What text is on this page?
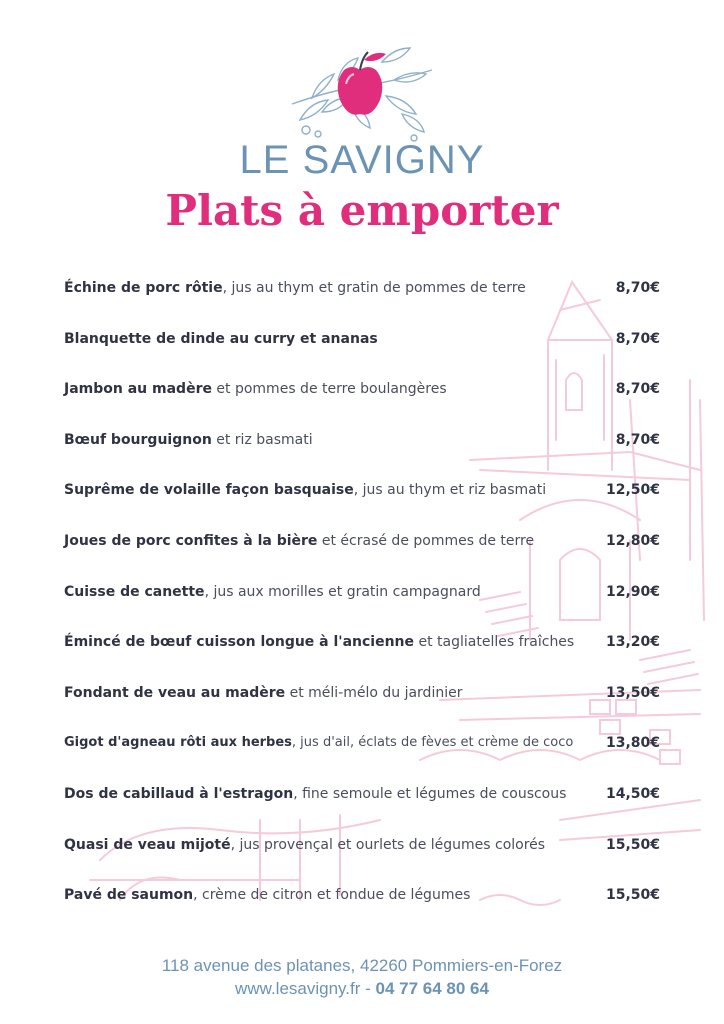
LE SAVIGNY
Plats à emporter
Échine de porc rôtie, jus au thym et gratin de pommes de terre	8,70€
Blanquette de dinde au curry et ananas	8,70€
Jambon au madère et pommes de terre boulangères	8,70€
Bœuf bourguignon et riz basmati	8,70€
Suprême de volaille façon basquaise, jus au thym et riz basmati	12,50€
Joues de porc confites à la bière et écrasé de pommes de terre	12,80€
Cuisse de canette, jus aux morilles et gratin campagnard	12,90€
Émincé de bœuf cuisson longue à l'ancienne et tagliatelles fraîches 13,20€
Fondant de veau au madère et méli-mélo du jardinier	13,50€
Gigot d'agneau rôti aux herbes, jus d'ail, éclats de fèves et crème de coco 13,80€
Dos de cabillaud à l'estragon, fine semoule et légumes de couscous	14,50€
Quasi de veau mijoté, jus provençal et ourlets de légumes colorés	15,50€
Pavé de saumon, crème de citron et fondue de légumes	15,50€
118 avenue des platanes, 42260 Pommiers-en-Forez
www.lesavigny.fr - 04 77 64 80 64
